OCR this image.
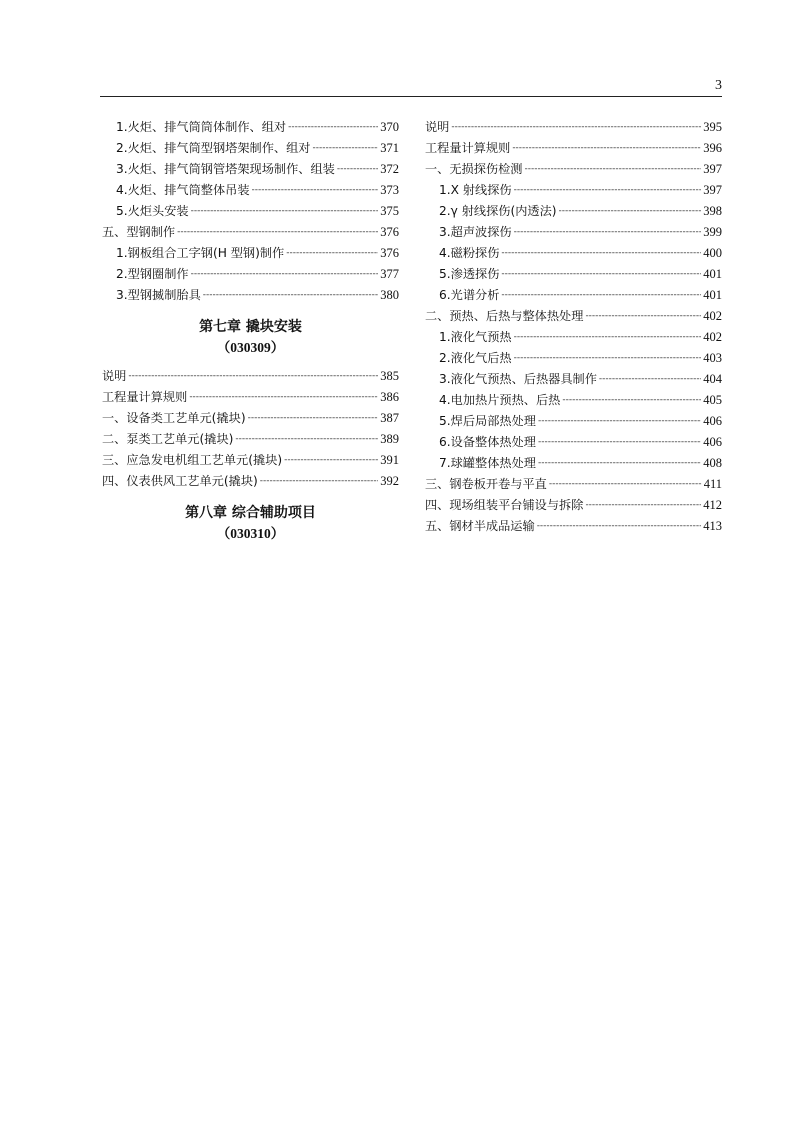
3
1.火炬、排气筒筒体制作、组对 -----	370
2.火炬、排气筒型钢塔架制作、组对 -----	371
3.火炬、排气筒钢管塔架现场制作、组装 -----	372
4.火炬、排气筒整体吊装 -----	373
5.火炬头安装 -----	375
五、型钢制作 -----	376
1.钢板组合工字钢(H 型钢)制作 -----	376
2.型钢圈制作 -----	377
3.型钢揻制胎具 -----	380
第七章 撬块安装
（030309）
说明 -----	385
工程量计算规则 -----	386
一、设备类工艺单元(撬块) -----	387
二、泵类工艺单元(撬块) -----	389
三、应急发电机组工艺单元(撬块) -----	391
四、仪表供风工艺单元(撬块) -----	392
第八章 综合辅助项目
（030310）
说明 -----	395
工程量计算规则 -----	396
一、无损探伤检测 -----	397
1.X 射线探伤 -----	397
2.γ 射线探伤(内透法) -----	398
3.超声波探伤 -----	399
4.磁粉探伤 -----	400
5.渗透探伤 -----	401
6.光谱分析 -----	401
二、预热、后热与整体热处理 -----	402
1.液化气预热 -----	402
2.液化气后热 -----	403
3.液化气预热、后热器具制作 -----	404
4.电加热片预热、后热 -----	405
5.焊后局部热处理 -----	406
6.设备整体热处理 -----	406
7.球罐整体热处理 -----	408
三、钢卷板开卷与平直 -----	411
四、现场组装平台铺设与拆除 -----	412
五、钢材半成品运输 -----	413
